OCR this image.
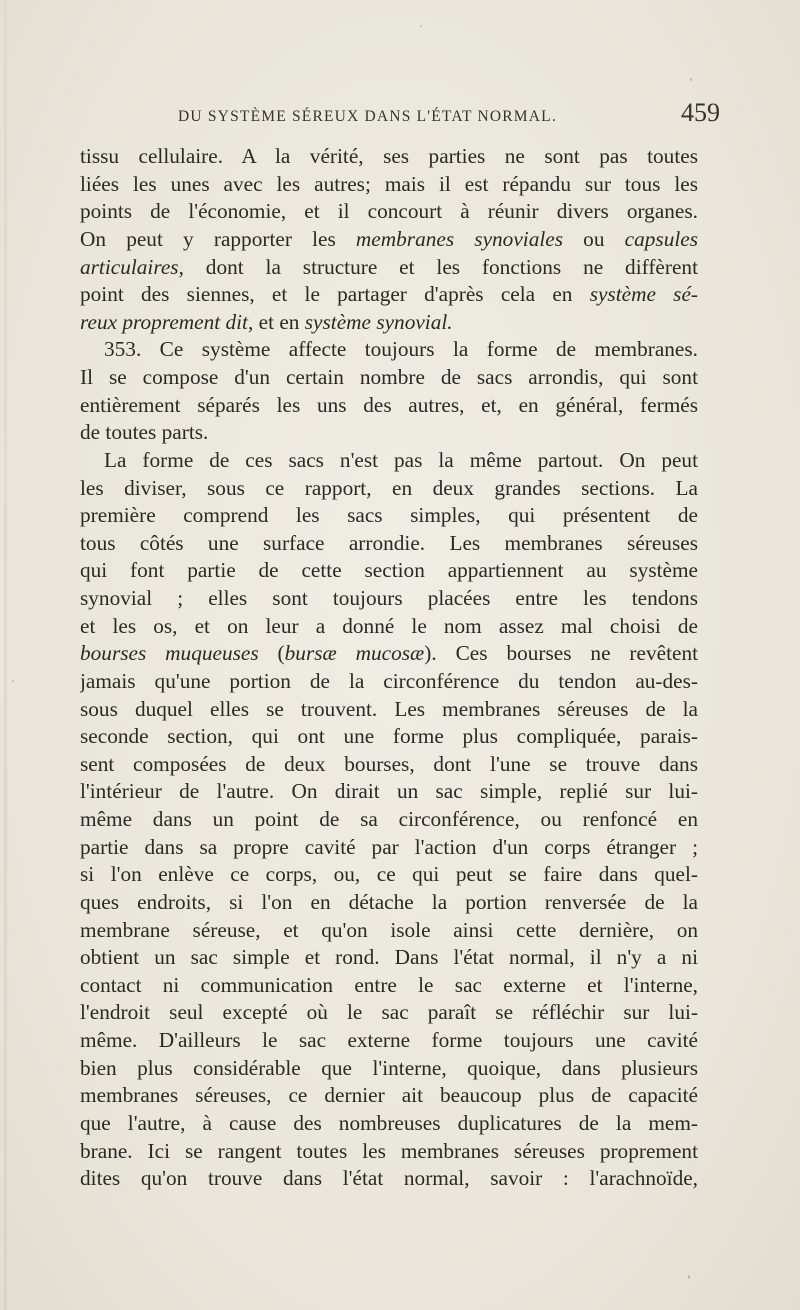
DU SYSTÈME SÉREUX DANS L'ÉTAT NORMAL.	459
tissu cellulaire. A la vérité, ses parties ne sont pas toutes
liées les unes avec les autres; mais il est répandu sur tous les
points de l'économie, et il concourt à réunir divers organes.
On peut y rapporter les membranes synoviales ou capsules
articulaires, dont la structure et les fonctions ne diffèrent
point des siennes, et le partager d'après cela en système sé-
reux proprement dit, et en système synovial.
353. Ce système affecte toujours la forme de membranes.
Il se compose d'un certain nombre de sacs arrondis, qui sont
entièrement séparés les uns des autres, et, en général, fermés
de toutes parts.
La forme de ces sacs n'est pas la même partout. On peut
les diviser, sous ce rapport, en deux grandes sections. La
première comprend les sacs simples, qui présentent de
tous côtés une surface arrondie. Les membranes séreuses
qui font partie de cette section appartiennent au système
synovial ; elles sont toujours placées entre les tendons
et les os, et on leur a donné le nom assez mal choisi de
bourses muqueuses (bursæ mucosæ). Ces bourses ne revêtent
jamais qu'une portion de la circonférence du tendon au-des-
sous duquel elles se trouvent. Les membranes séreuses de la
seconde section, qui ont une forme plus compliquée, parais-
sent composées de deux bourses, dont l'une se trouve dans
l'intérieur de l'autre. On dirait un sac simple, replié sur lui-
même dans un point de sa circonférence, ou renfoncé en
partie dans sa propre cavité par l'action d'un corps étranger ;
si l'on enlève ce corps, ou, ce qui peut se faire dans quel-
ques endroits, si l'on en détache la portion renversée de la
membrane séreuse, et qu'on isole ainsi cette dernière, on
obtient un sac simple et rond. Dans l'état normal, il n'y a ni
contact ni communication entre le sac externe et l'interne,
l'endroit seul excepté où le sac paraît se réfléchir sur lui-
même. D'ailleurs le sac externe forme toujours une cavité
bien plus considérable que l'interne, quoique, dans plusieurs
membranes séreuses, ce dernier ait beaucoup plus de capacité
que l'autre, à cause des nombreuses duplicatures de la mem-
brane. Ici se rangent toutes les membranes séreuses proprement
dites qu'on trouve dans l'état normal, savoir : l'arachnoïde,
